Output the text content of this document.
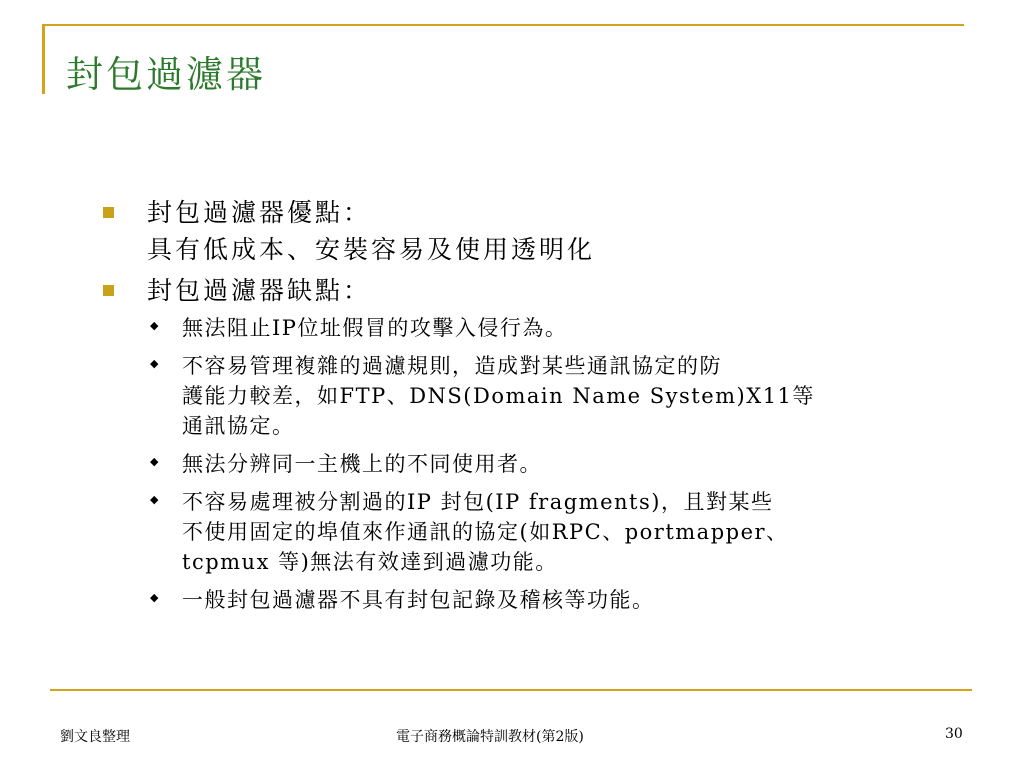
封包過濾器
封包過濾器優點：
具有低成本、安裝容易及使用透明化
封包過濾器缺點：
◆ 無法阻止IP位址假冒的攻擊入侵行為。
◆ 不容易管理複雜的過濾規則，造成對某些通訊協定的防
護能力較差，如FTP、DNS(Domain Name System)X11等
通訊協定。
◆ 無法分辨同一主機上的不同使用者。
◆ 不容易處理被分割過的IP 封包(IP fragments)，且對某些
不使用固定的埠值來作通訊的協定(如RPC、portmapper、
tcpmux 等)無法有效達到過濾功能。
◆ 一般封包過濾器不具有封包記錄及稽核等功能。
劉文良整理	電子商務概論特訓教材(第2版)	30
